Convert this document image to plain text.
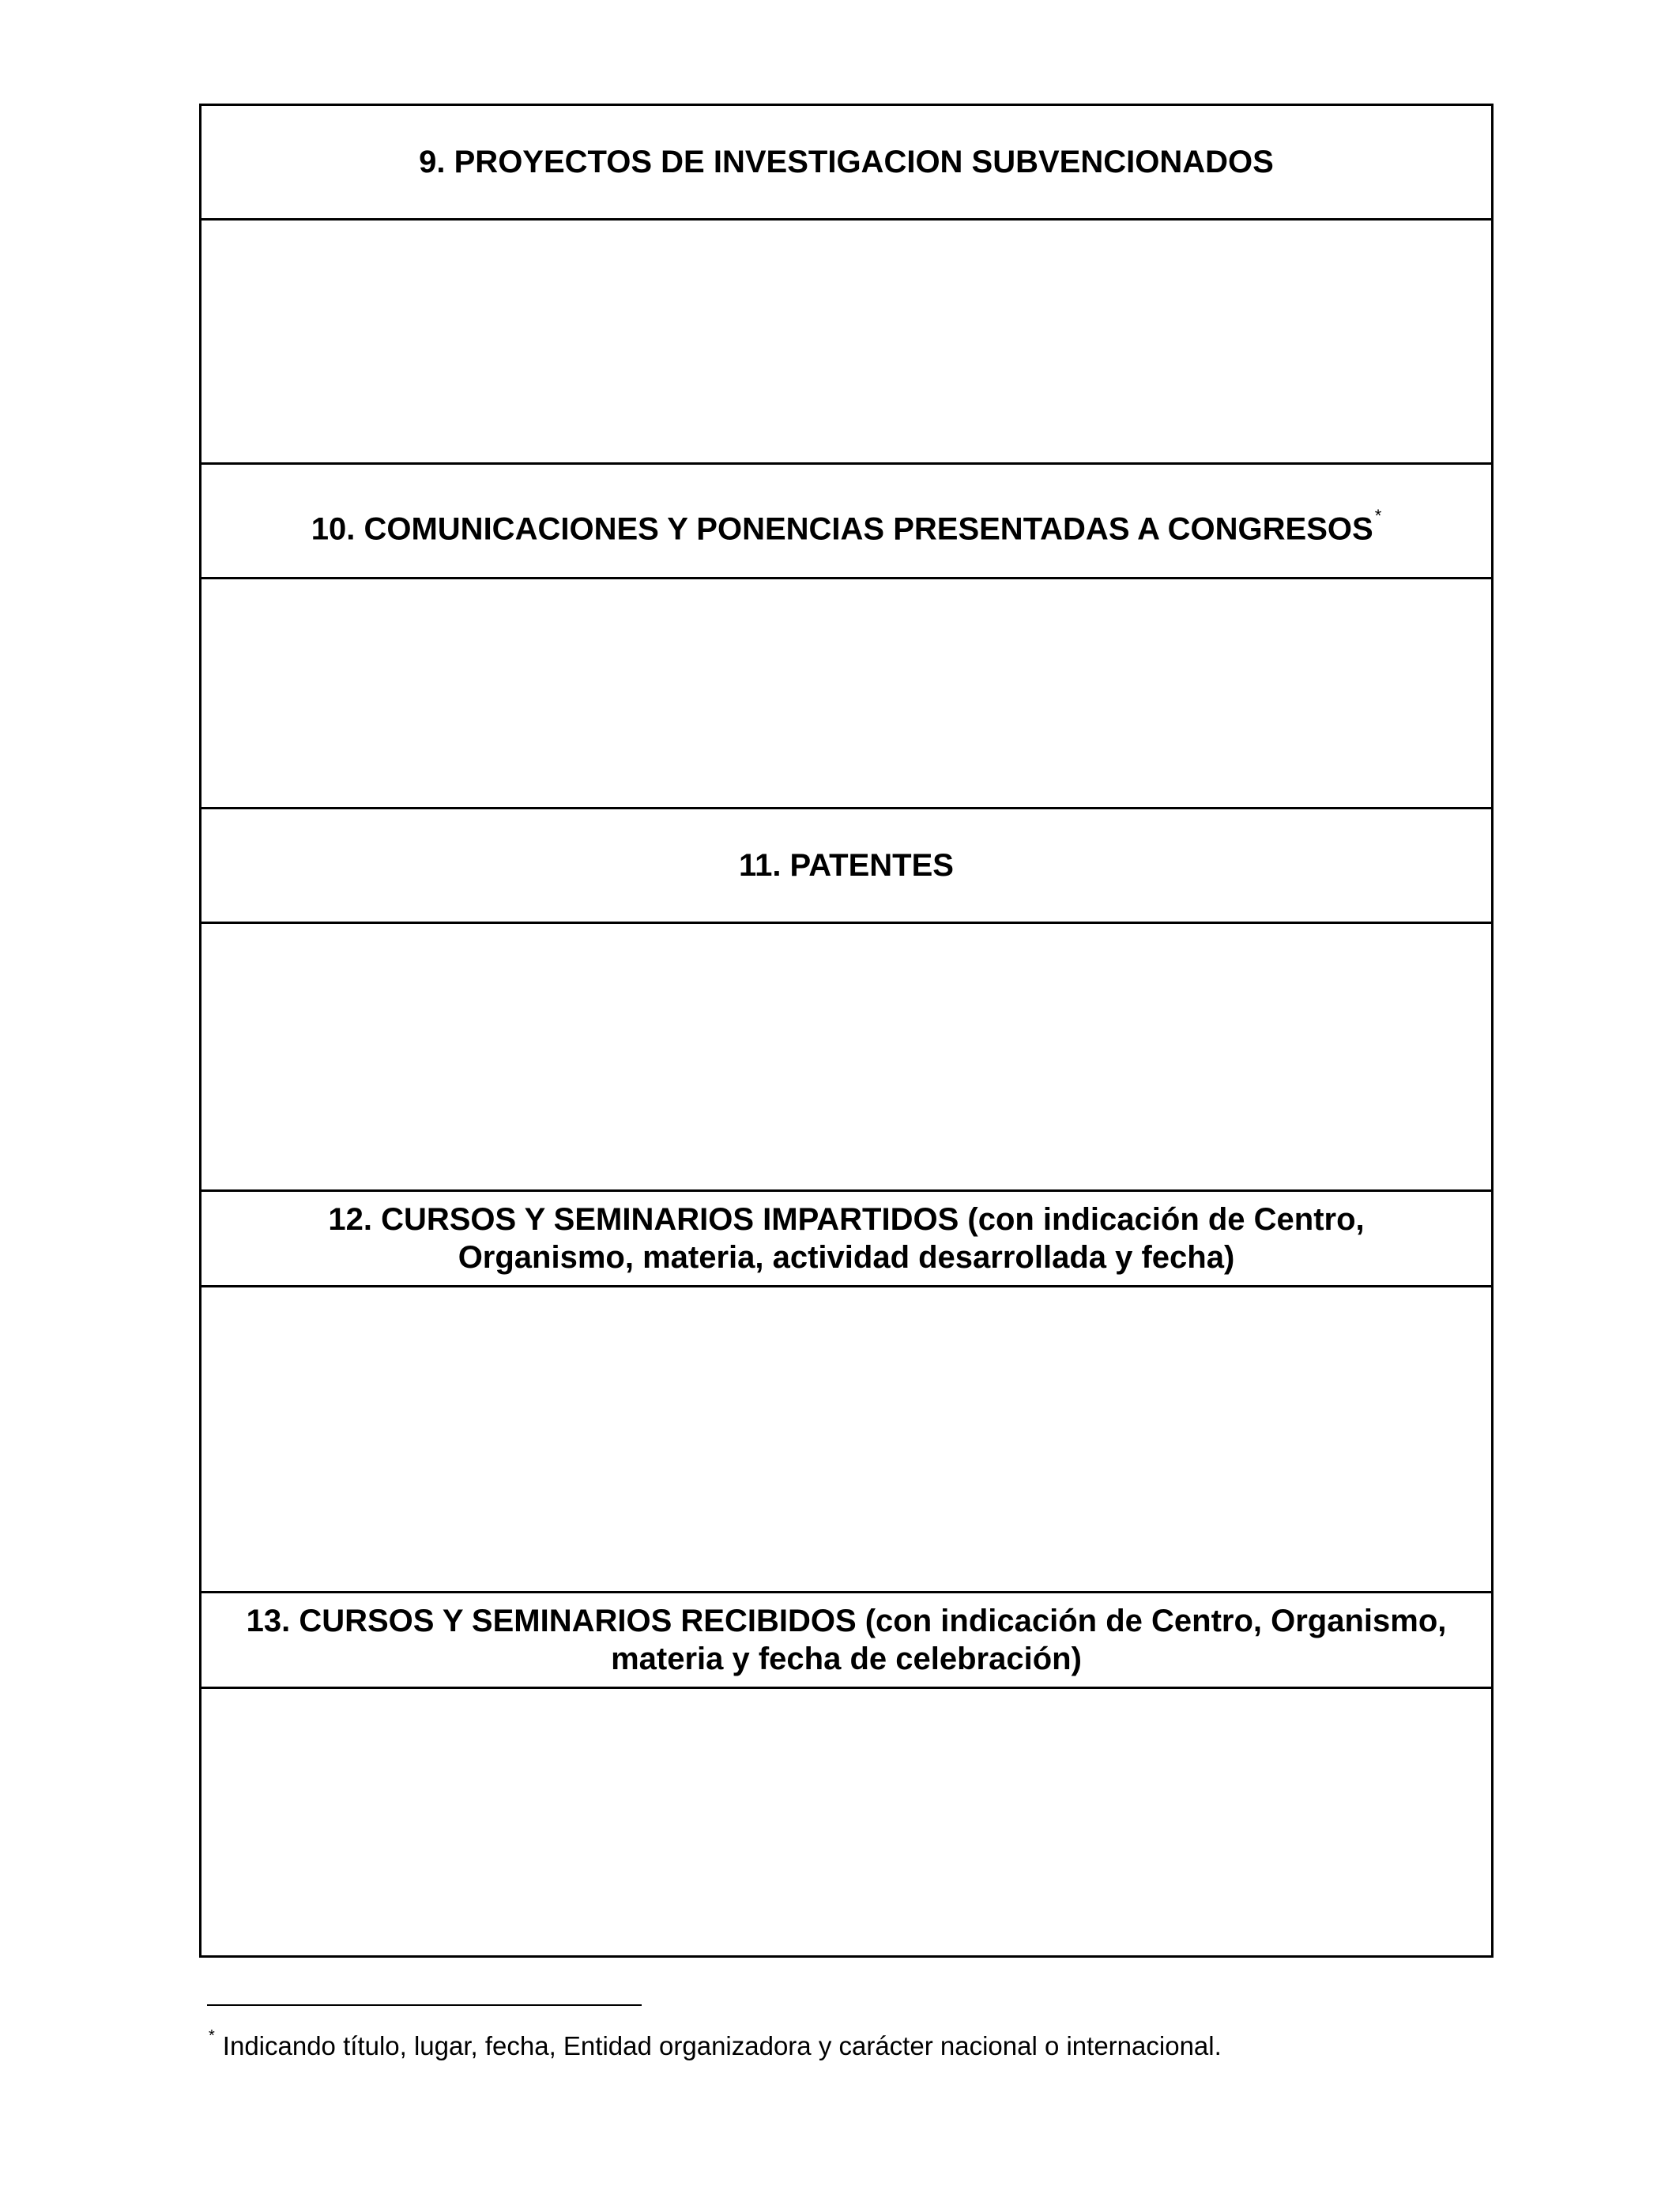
9. PROYECTOS DE INVESTIGACION SUBVENCIONADOS
10. COMUNICACIONES Y PONENCIAS PRESENTADAS A CONGRESOS*
11. PATENTES
12. CURSOS Y SEMINARIOS IMPARTIDOS (con indicación de Centro,
Organismo, materia, actividad desarrollada y fecha)
13. CURSOS Y SEMINARIOS RECIBIDOS (con indicación de Centro, Organismo,
materia y fecha de celebración)
* Indicando título, lugar, fecha, Entidad organizadora y carácter nacional o internacional.
